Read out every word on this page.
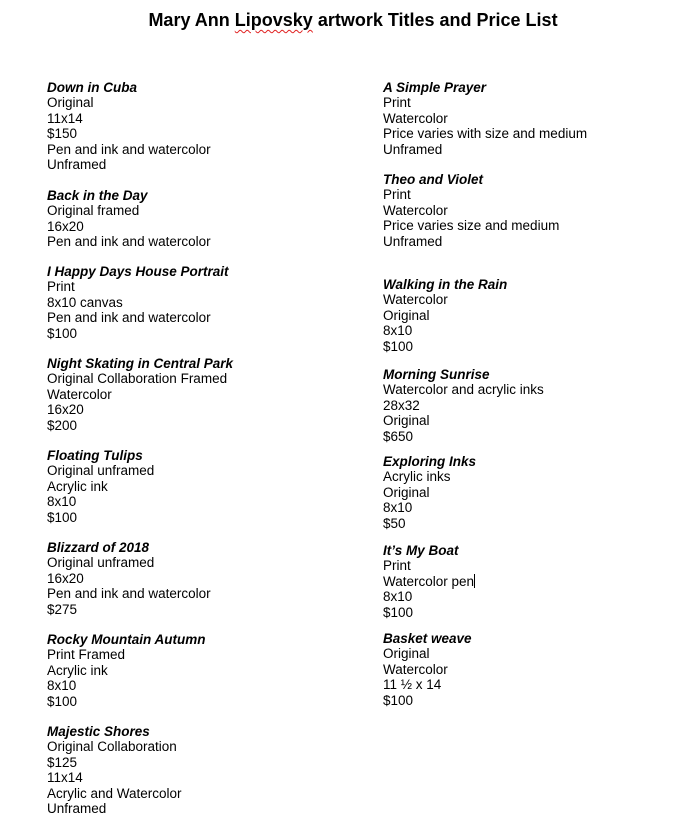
Mary Ann Lipovsky artwork Titles and Price List
Down in Cuba
Original
11x14
$150
Pen and ink and watercolor
Unframed
Back in the Day
Original framed
16x20
Pen and ink and watercolor
I Happy Days House Portrait
Print
8x10 canvas
Pen and ink and watercolor
$100
Night Skating in Central Park
Original Collaboration Framed
Watercolor
16x20
$200
Floating Tulips
Original unframed
Acrylic ink
8x10
$100
Blizzard of 2018
Original unframed
16x20
Pen and ink and watercolor
$275
Rocky Mountain Autumn
Print Framed
Acrylic ink
8x10
$100
Majestic Shores
Original Collaboration
$125
11x14
Acrylic and Watercolor
Unframed
A Simple Prayer
Print
Watercolor
Price varies with size and medium
Unframed
Theo and Violet
Print
Watercolor
Price varies size and medium
Unframed
Walking in the Rain
Watercolor
Original
8x10
$100
Morning Sunrise
Watercolor and acrylic inks
28x32
Original
$650
Exploring Inks
Acrylic inks
Original
8x10
$50
It’s My Boat
Print
Watercolor pen
8x10
$100
Basket weave
Original
Watercolor
11 ½ x 14
$100
